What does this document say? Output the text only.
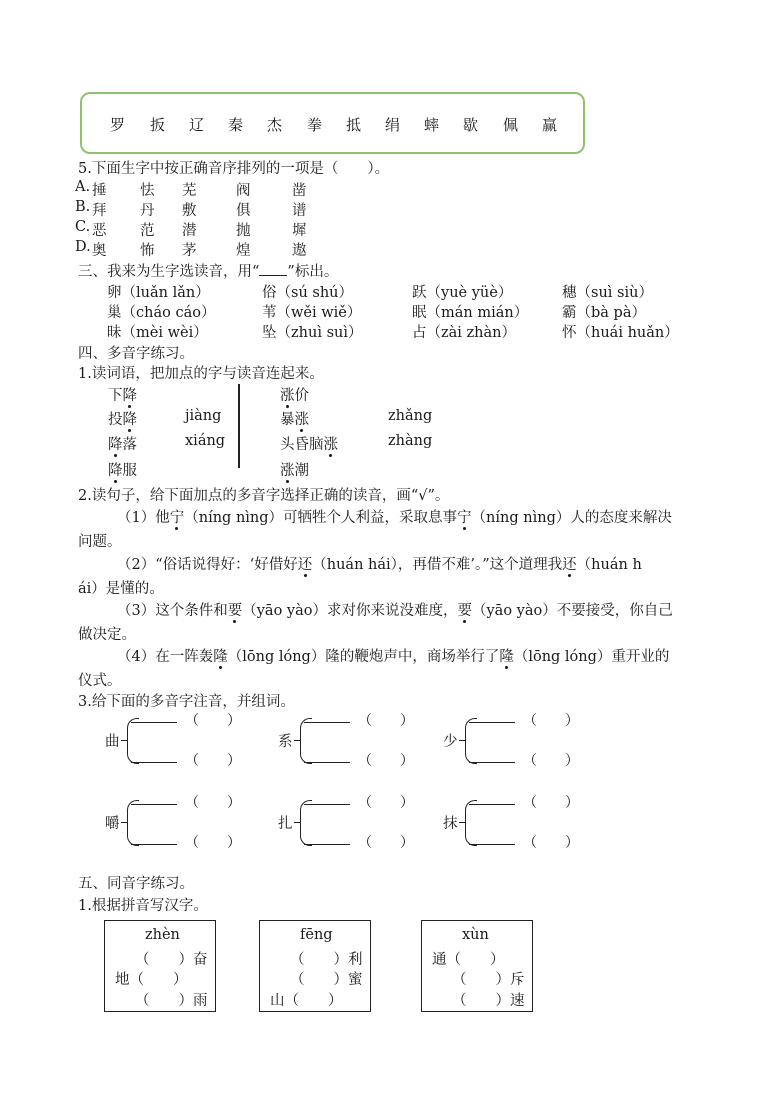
罗 扳 辽 秦 杰 拳 抵 绢 蟀 歇 佩 赢
5.下面生字中按正确音序排列的一项是（　　）。
A. 捶 怯 芜	阀	凿
B. 拜 丹 敷	俱	谱
C. 恶 范 潜	抛	墀
D. 奥 怖 茅	煌	遨
三、我来为生字选读音，用“ ”标出。
卵（luǎn lǎn）	俗（sú shú）	跃（yuè yüè）	穗（suì siù）
巢（cháo cáo）	苇（wěi wiě）	眠（mán mián） 霸（bà pà）
昧（mèi wèi）	坠（zhuì suì）	占（zài zhàn）	怀（huái huǎn）
四、多音字练习。
1.读词语，把加点的字与读音连起来。
下降
投降
降落
降服
jiàng
xiáng
涨价
暴涨
头昏脑涨
涨潮
zhǎng
zhàng
2.读句子，给下面加点的多音字选择正确的读音，画“√”。
（1）他宁（níng nìng）可牺牲个人利益，采取息事宁（níng nìng）人的态度来解决
问题。
（2）“俗话说得好：‘好借好还（huán hái），再借不难’。”这个道理我还（huán h
ái）是懂的。
（3）这个条件和要（yāo yào）求对你来说没难度，要（yāo yào）不要接受，你自己
做决定。
（4）在一阵轰隆（lōng lóng）隆的鞭炮声中，商场举行了隆（lōng lóng）重开业的
仪式。
3.给下面的多音字注音，并组词。
曲
（　　）
（　　）
系
（　　）
（　　）
少
（　　）
（　　）
嚼
（　　）
（　　）
扎
（　　）
（　　）
抹
（　　）
（　　）
五、同音字练习。
1.根据拼音写汉字。
zhèn
（　　）奋
地（　　）
（　　）雨
fēng
（　　）利
（　　）蜜
山（　　）
xùn
通（　　）
（　　）斥
（　　）速
